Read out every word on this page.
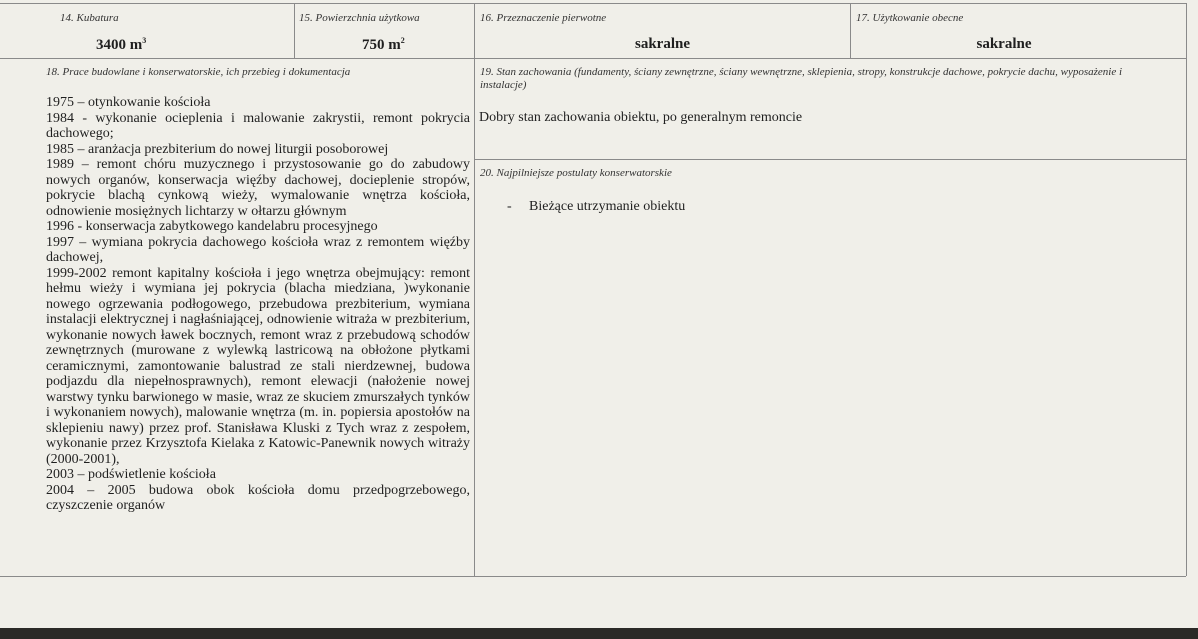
14. Kubatura
3400 $m^3$
15. Powierzchnia użytkowa
750 $m^2$
16. Przeznaczenie pierwotne
sakralne
17. Użytkowanie obecne
sakralne
18. Prace budowlane i konserwatorskie, ich przebieg i dokumentacja

1975 – otynkowanie kościoła

1984 - wykonanie ocieplenia i malowanie zakrystii, remont pokrycia dachowego;

1985 – aranżacja prezbiterium do nowej liturgii posoborowej

1989 – remont chóru muzycznego i przystosowanie go do zabudowy nowych organów, konserwacja więźby dachowej, docieplenie stropów, pokrycie blachą cynkową wieży, wymalowanie wnętrza kościoła, odnowienie mosiężnych lichtarzy w ołtarzu głównym

1996 - konserwacja zabytkowego kandelabru procesyjnego

1997 – wymiana pokrycia dachowego kościoła wraz z remontem więźby dachowej,

1999-2002 remont kapitalny kościoła i jego wnętrza obejmujący: remont hełmu wieży i wymiana jej pokrycia (blacha miedziana, )wykonanie nowego ogrzewania podłogowego, przebudowa prezbiterium, wymiana instalacji elektrycznej i nagłaśniającej, odnowienie witraża w prezbiterium, wykonanie nowych ławek bocznych, remont wraz z przebudową schodów zewnętrznych (murowane z wylewką lastricową na obłożone płytkami ceramicznymi, zamontowanie balustrad ze stali nierdzewnej, budowa podjazdu dla niepełnosprawnych), remont elewacji (nałożenie nowej warstwy tynku barwionego w masie, wraz ze skuciem zmurszałych tynków i wykonaniem nowych), malowanie wnętrza (m. in. popiersia apostołów na sklepieniu nawy) przez prof. Stanisława Kluski z Tych wraz z zespołem, wykonanie przez Krzysztofa Kielaka z Katowic-Panewnik nowych witraży (2000-2001),

2003 – podświetlenie kościoła

2004 – 2005 budowa obok kościoła domu przedpogrzebowego, czyszczenie organów

19. Stan zachowania (fundamenty, ściany zewnętrzne, ściany wewnętrzne, sklepienia, stropy, konstrukcje dachowe, pokrycie dachu, wyposażenie i instalacje)
Dobry stan zachowania obiektu, po generalnym remoncie
20. Najpilniejsze postulaty konserwatorskie
- Bieżące utrzymanie obiektu
